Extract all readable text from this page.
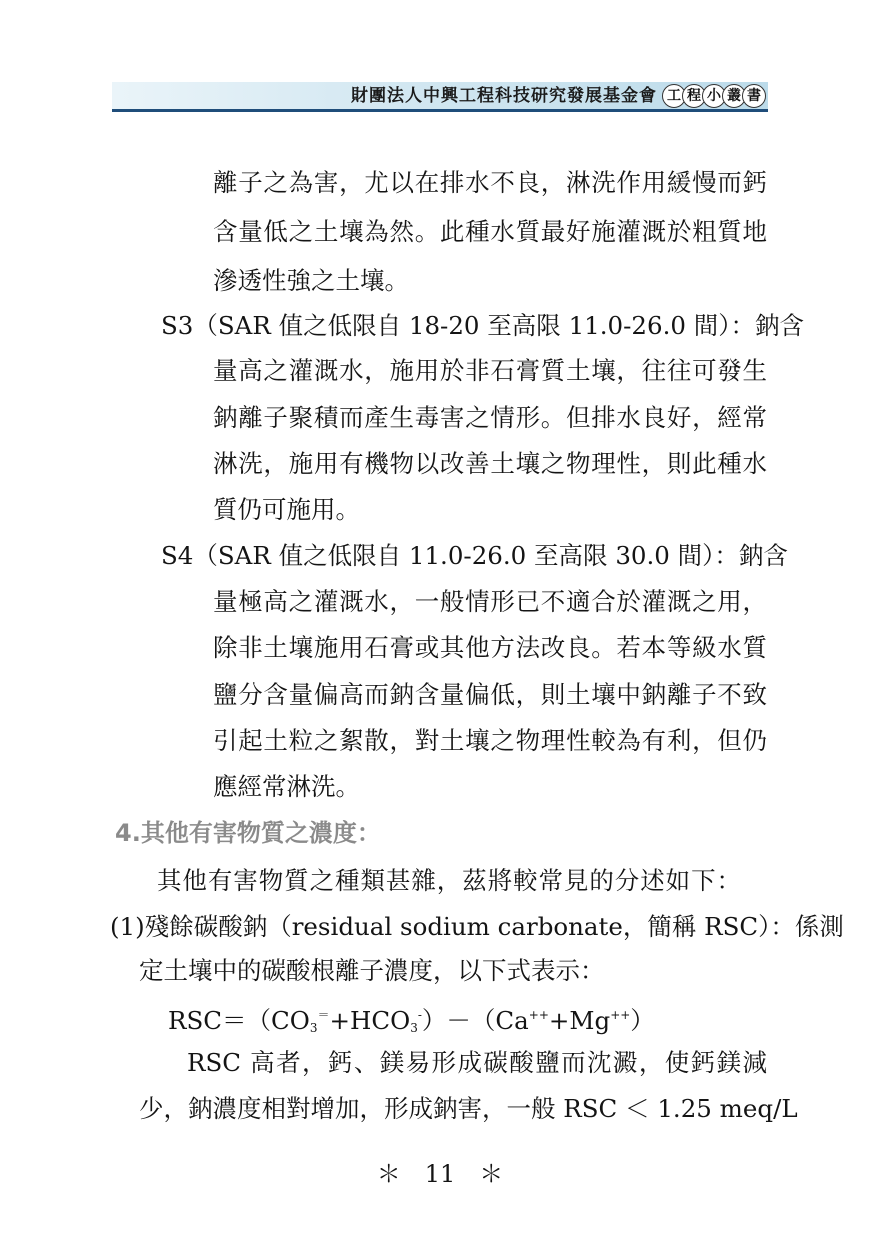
財團法人中興工程科技研究發展基金會 工 程 小 叢 書
離子之為害，尤以在排水不良，淋洗作用緩慢而鈣
含量低之土壤為然。此種水質最好施灌溉於粗質地
滲透性強之土壤。
S3（SAR 值之低限自 18-20 至高限 11.0-26.0 間）：鈉含
量高之灌溉水，施用於非石膏質土壤，往往可發生
鈉離子聚積而產生毒害之情形。但排水良好，經常
淋洗，施用有機物以改善土壤之物理性，則此種水
質仍可施用。
S4（SAR 值之低限自 11.0-26.0 至高限 30.0 間）：鈉含
量極高之灌溉水，一般情形已不適合於灌溉之用，
除非土壤施用石膏或其他方法改良。若本等級水質
鹽分含量偏高而鈉含量偏低，則土壤中鈉離子不致
引起土粒之絮散，對土壤之物理性較為有利，但仍
應經常淋洗。
4.其他有害物質之濃度：
其他有害物質之種類甚雜，茲將較常見的分述如下：
(1)殘餘碳酸鈉（residual sodium carbonate，簡稱 RSC）：係測
定土壤中的碳酸根離子濃度，以下式表示：
$RSC=(CO_3^=+HCO_3^-)-(Ca^{++}+Mg^{++})$
RSC 高者，鈣、鎂易形成碳酸鹽而沈澱，使鈣鎂減
少，鈉濃度相對增加，形成鈉害，一般 RSC ＜ 1.25 meq/L
＊　11　＊
